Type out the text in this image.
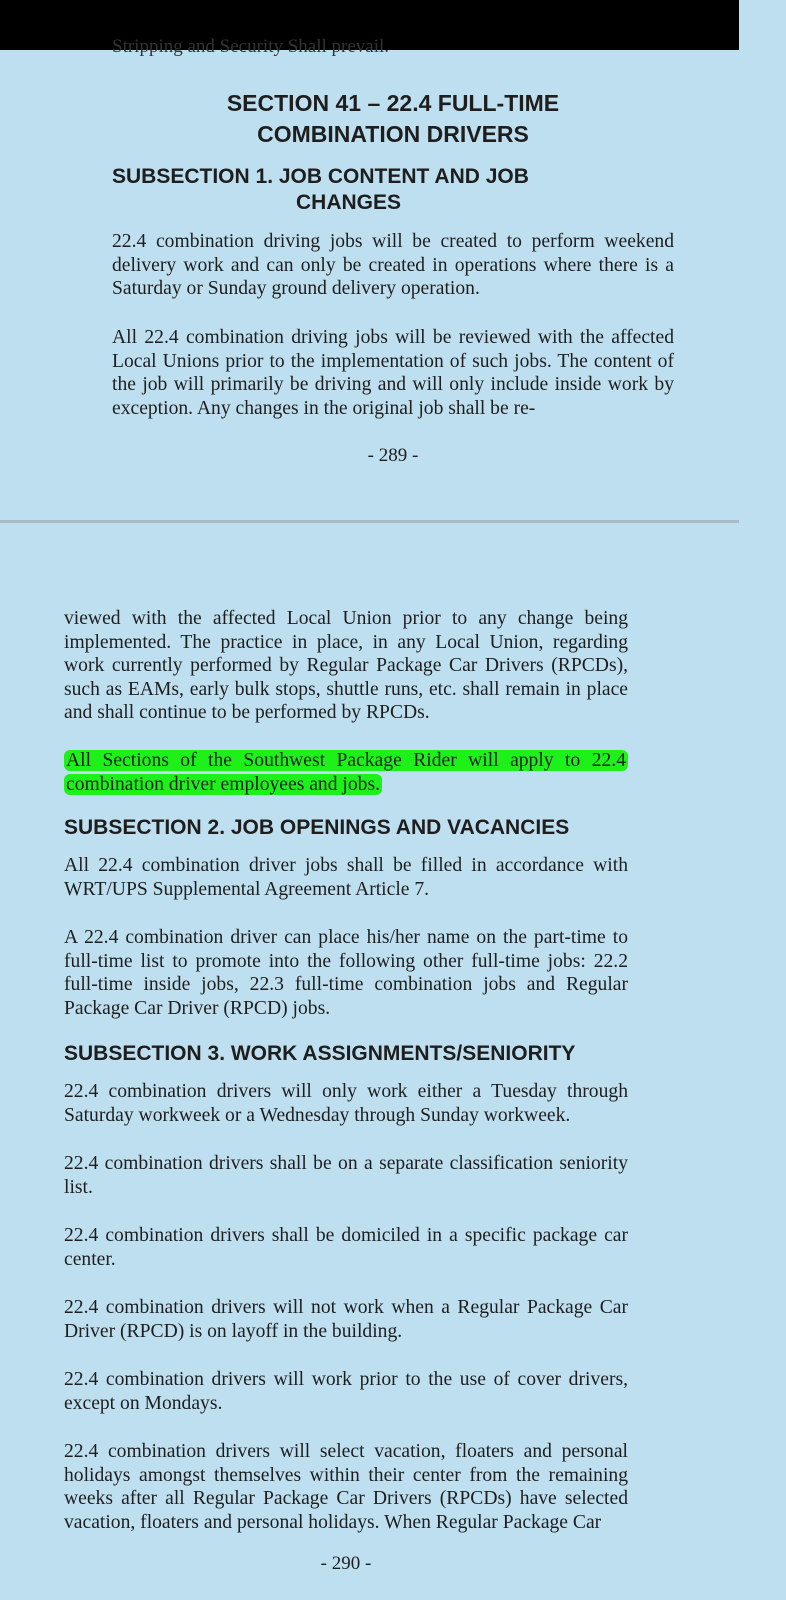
Stripping and Security Shall prevail.
SECTION 41 – 22.4 FULL-TIME
COMBINATION DRIVERS
SUBSECTION 1. JOB CONTENT AND JOB
CHANGES

22.4 combination driving jobs will be created to perform weekend delivery work and can only be created in operations where there is a Saturday or Sunday ground delivery operation.

All 22.4 combination driving jobs will be reviewed with the affected Local Unions prior to the implementation of such jobs. The content of the job will primarily be driving and will only include inside work by exception. Any changes in the original job shall be re-

- 289 -

viewed with the affected Local Union prior to any change being implemented. The practice in place, in any Local Union, regarding work currently performed by Regular Package Car Drivers (RPCDs), such as EAMs, early bulk stops, shuttle runs, etc. shall remain in place and shall continue to be performed by RPCDs.

All Sections of the Southwest Package Rider will apply to 22.4 combination driver employees and jobs.

SUBSECTION 2. JOB OPENINGS AND VACANCIES

All 22.4 combination driver jobs shall be filled in accordance with WRT/UPS Supplemental Agreement Article 7.

A 22.4 combination driver can place his/her name on the part-time to full-time list to promote into the following other full-time jobs: 22.2 full-time inside jobs, 22.3 full-time combination jobs and Regular Package Car Driver (RPCD) jobs.

SUBSECTION 3. WORK ASSIGNMENTS/SENIORITY

22.4 combination drivers will only work either a Tuesday through Saturday workweek or a Wednesday through Sunday workweek.

22.4 combination drivers shall be on a separate classification seniority list.

22.4 combination drivers shall be domiciled in a specific package car center.

22.4 combination drivers will not work when a Regular Package Car Driver (RPCD) is on layoff in the building.

22.4 combination drivers will work prior to the use of cover drivers, except on Mondays.

22.4 combination drivers will select vacation, floaters and personal holidays amongst themselves within their center from the remaining weeks after all Regular Package Car Drivers (RPCDs) have selected vacation, floaters and personal holidays. When Regular Package Car

- 290 -
